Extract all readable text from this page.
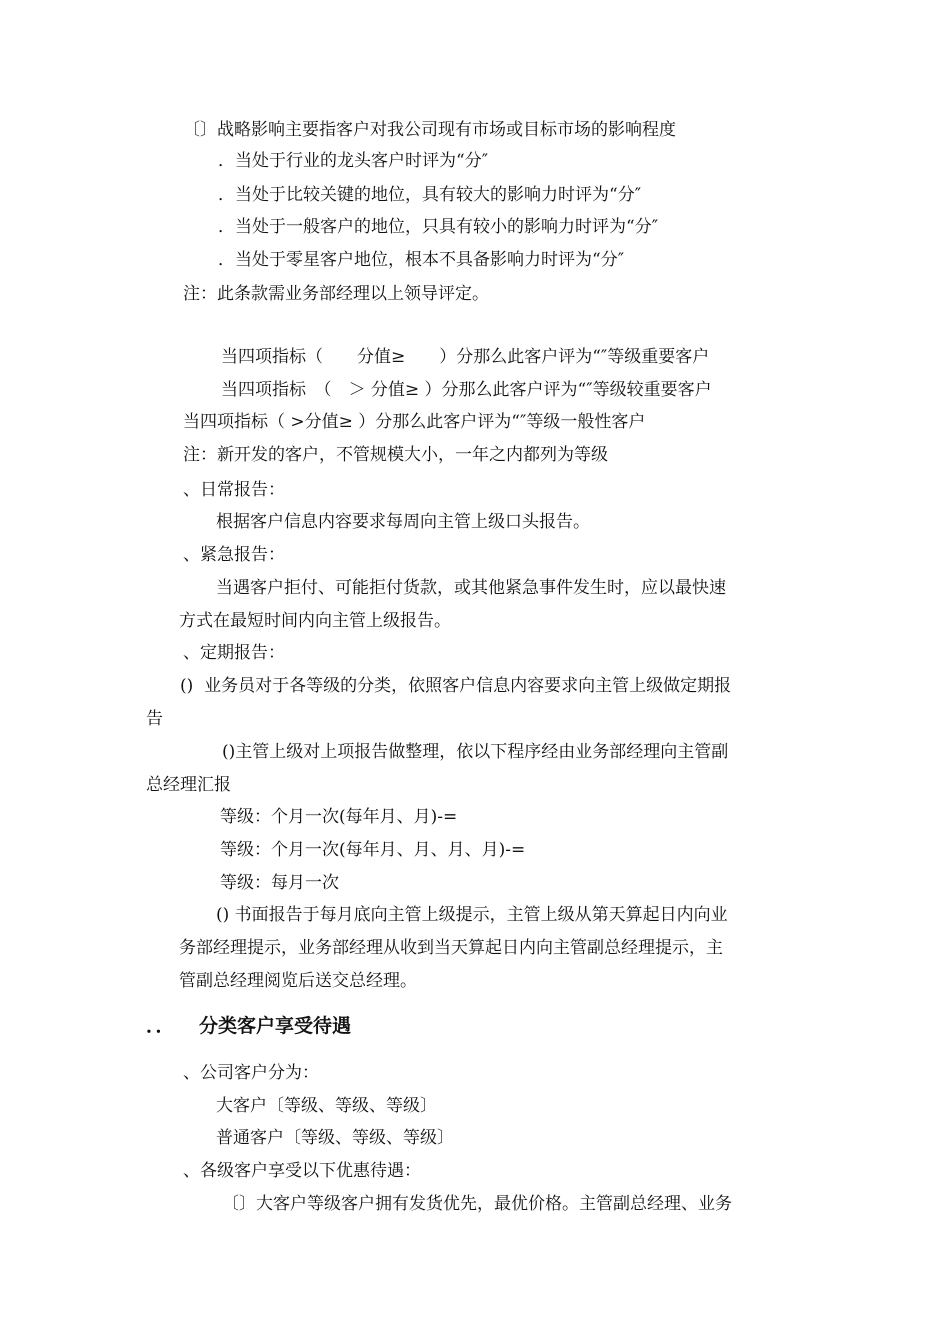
〔〕战略影响主要指客户对我公司现有市场或目标市场的影响程度
．当处于行业的龙头客户时评为“分″
．当处于比较关键的地位，具有较大的影响力时评为“分″
．当处于一般客户的地位，只具有较小的影响力时评为“分″
．当处于零星客户地位，根本不具备影响力时评为“分″
注：此条款需业务部经理以上领导评定。
当四项指标（　　分值≥　　）分那么此客户评为“″等级重要客户
当四项指标　（　＞ 分值≥ ）分那么此客户评为“″等级较重要客户
当四项指标（ >分值≥ ）分那么此客户评为“″等级一般性客户
注：新开发的客户，不管规模大小，一年之内都列为等级
、日常报告：
根据客户信息内容要求每周向主管上级口头报告。
、紧急报告：
当遇客户拒付、可能拒付货款，或其他紧急事件发生时，应以最快速
方式在最短时间内向主管上级报告。
、定期报告：
()  业务员对于各等级的分类，依照客户信息内容要求向主管上级做定期报
告
()主管上级对上项报告做整理，依以下程序经由业务部经理向主管副
总经理汇报
等级：个月一次(每年月、月)-=
等级：个月一次(每年月、月、月、月)-=
等级：每月一次
() 书面报告于每月底向主管上级提示，主管上级从第天算起日内向业
务部经理提示，业务部经理从收到当天算起日内向主管副总经理提示，主
管副总经理阅览后送交总经理。
．． 分类客户享受待遇
、公司客户分为：
大客户〔等级、等级、等级〕
普通客户〔等级、等级、等级〕
、各级客户享受以下优惠待遇：
〔〕大客户等级客户拥有发货优先，最优价格。主管副总经理、业务
